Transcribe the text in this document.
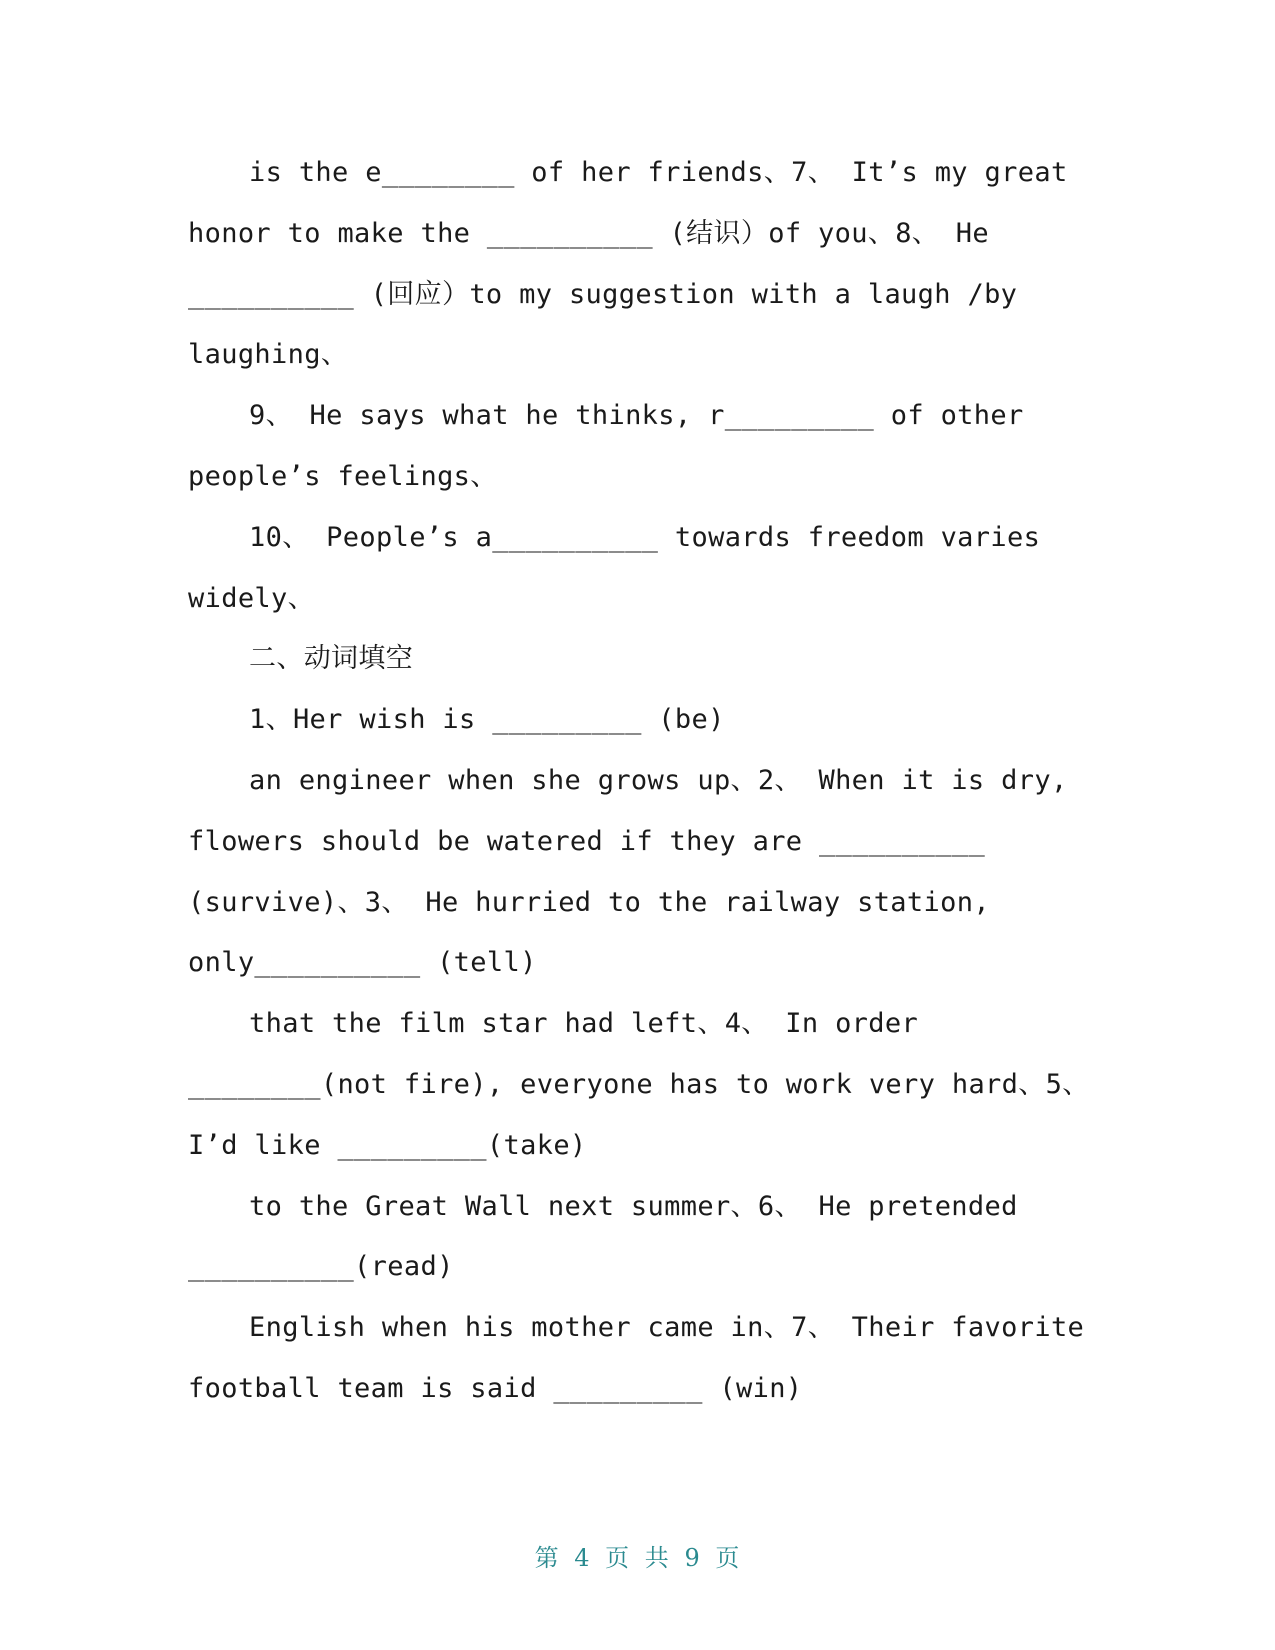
is the e________ of her friends、7、 It’s my great
honor to make the __________ (结识）of you、8、 He
__________ (回应）to my suggestion with a laugh /by
laughing、
9、 He says what he thinks, r_________ of other
people’s feelings、
10、 People’s a__________ towards freedom varies
widely、
二、动词填空
1、Her wish is _________ (be)
an engineer when she grows up、2、 When it is dry,
flowers should be watered if they are __________
(survive)、3、 He hurried to the railway station,
only__________ (tell)
that the film star had left、4、 In order
________(not fire), everyone has to work very hard、5、
I’d like _________(take)
to the Great Wall next summer、6、 He pretended
__________(read)
English when his mother came in、7、 Their favorite
football team is said _________ (win)
第 4 页 共 9 页
